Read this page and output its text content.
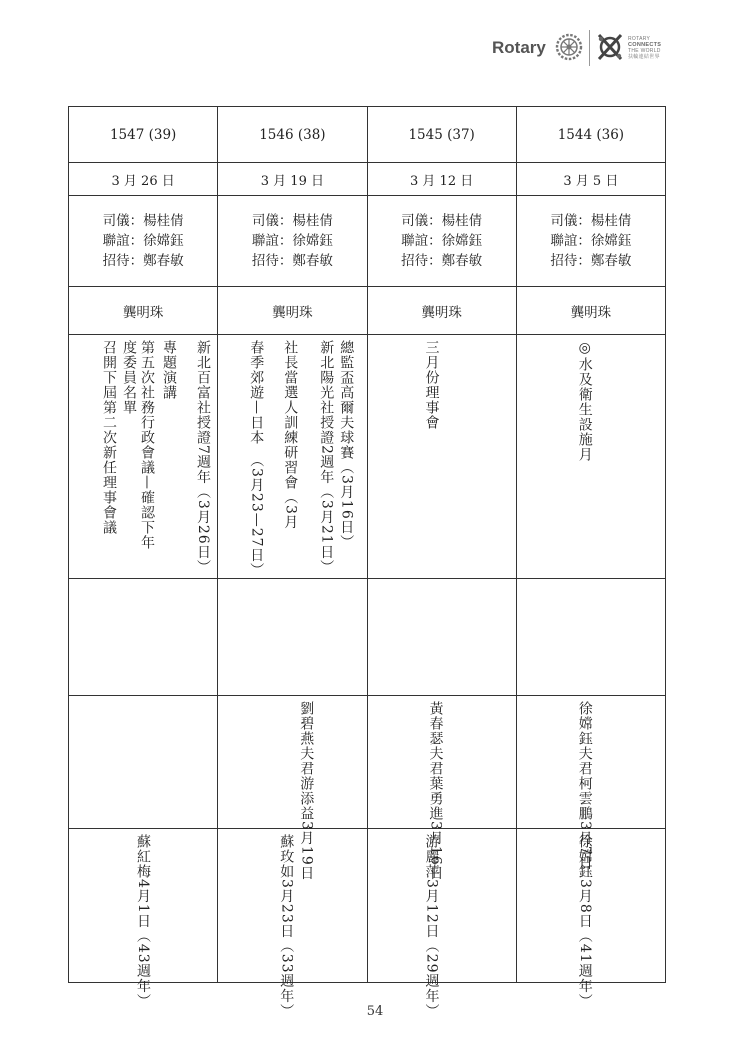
Rotary	ROTARY
CONNECTS
THE WORLD
扶輪連結世界
1547 (39)	1546 (38)	1545 (37)	1544 (36)
3 月 26 日	3 月 19 日	3 月 12 日	3 月 5 日

司儀：楊桂倩
聯誼：徐嫦鈺
招待：鄭春敏	司儀：楊桂倩
聯誼：徐嫦鈺
招待：鄭春敏	司儀：楊桂倩
聯誼：徐嫦鈺
招待：鄭春敏	司儀：楊桂倩
聯誼：徐嫦鈺
招待：鄭春敏

龔明珠	龔明珠	龔明珠	龔明珠

新北百富社授證7週年（3月26日）
專題演講
第五次社務行政會議—確認下年
度委員名單
召開下屆第二次新任理事會議	總監盃高爾夫球賽（3月16日）
新北陽光社授證2週年（3月21日）
社長當選人訓練研習會（3月
春季郊遊—日本　（3月23—27日）	三月份理事會	◎水及衛生設施月

	劉碧燕夫君游添益3月19日	黃春瑟夫君葉勇進3月16日	徐嫦鈺夫君柯雲鵬3月7日

蘇紅梅4月1日（43週年）	蘇玫如3月23日（33週年）	游麗萍3月12日（29週年）	徐嫦鈺3月8日（41週年）
54
